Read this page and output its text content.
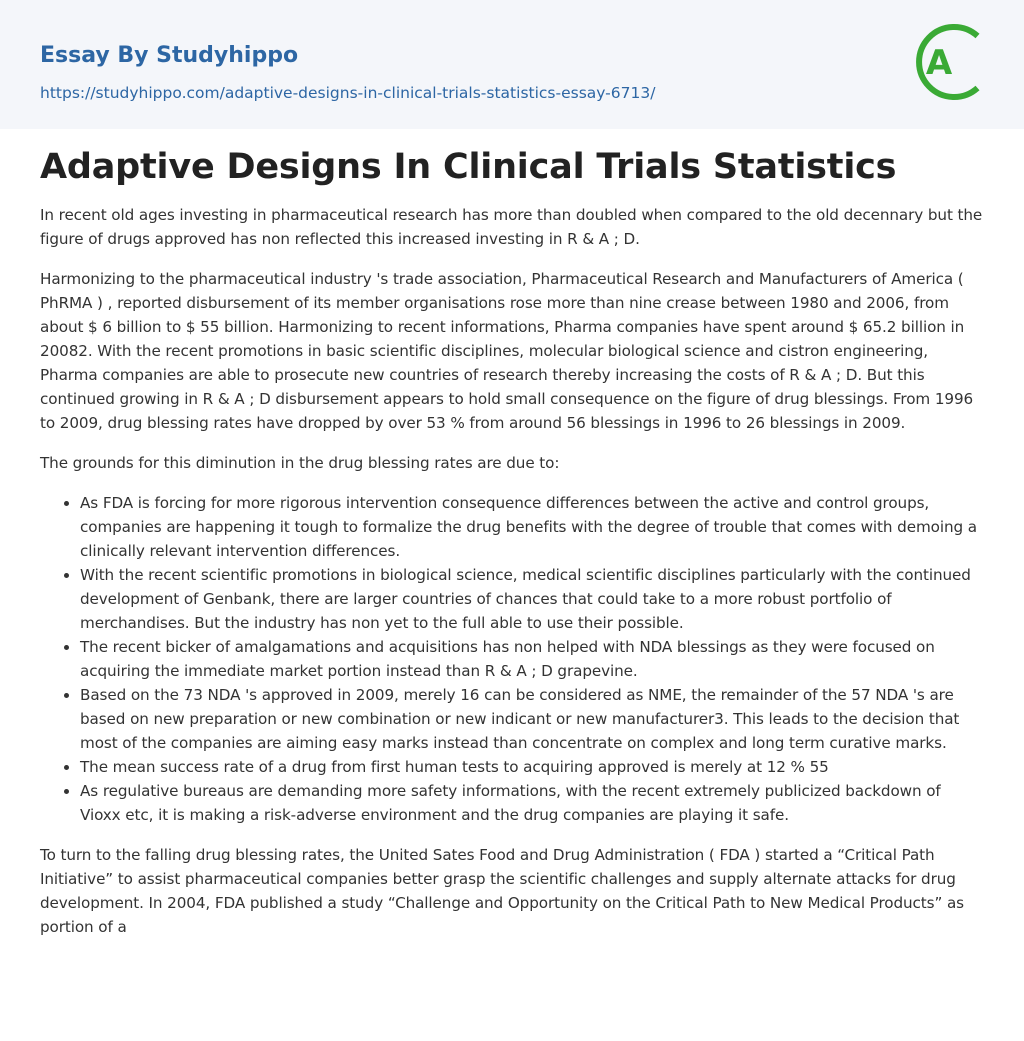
Essay By Studyhippo
https://studyhippo.com/adaptive-designs-in-clinical-trials-statistics-essay-6713/
A
Adaptive Designs In Clinical Trials Statistics

In recent old ages investing in pharmaceutical research has more than doubled when compared to the old decennary but the figure of drugs approved has non reflected this increased investing in R & A ; D.

Harmonizing to the pharmaceutical industry 's trade association, Pharmaceutical Research and Manufacturers of America ( PhRMA ) , reported disbursement of its member organisations rose more than nine crease between 1980 and 2006, from about $ 6 billion to $ 55 billion. Harmonizing to recent informations, Pharma companies have spent around $ 65.2 billion in 20082. With the recent promotions in basic scientific disciplines, molecular biological science and cistron engineering, Pharma companies are able to prosecute new countries of research thereby increasing the costs of R & A ; D. But this continued growing in R & A ; D disbursement appears to hold small consequence on the figure of drug blessings. From 1996 to 2009, drug blessing rates have dropped by over 53 % from around 56 blessings in 1996 to 26 blessings in 2009.

The grounds for this diminution in the drug blessing rates are due to:

• As FDA is forcing for more rigorous intervention consequence differences between the active and control groups, companies are happening it tough to formalize the drug benefits with the degree of trouble that comes with demoing a clinically relevant intervention differences.
• With the recent scientific promotions in biological science, medical scientific disciplines particularly with the continued development of Genbank, there are larger countries of chances that could take to a more robust portfolio of merchandises. But the industry has non yet to the full able to use their possible.
• The recent bicker of amalgamations and acquisitions has non helped with NDA blessings as they were focused on acquiring the immediate market portion instead than R & A ; D grapevine.
• Based on the 73 NDA 's approved in 2009, merely 16 can be considered as NME, the remainder of the 57 NDA 's are based on new preparation or new combination or new indicant or new manufacturer3. This leads to the decision that most of the companies are aiming easy marks instead than concentrate on complex and long term curative marks.
• The mean success rate of a drug from first human tests to acquiring approved is merely at 12 % 55
• As regulative bureaus are demanding more safety informations, with the recent extremely publicized backdown of Vioxx etc, it is making a risk-adverse environment and the drug companies are playing it safe.

To turn to the falling drug blessing rates, the United Sates Food and Drug Administration ( FDA ) started a “Critical Path Initiative” to assist pharmaceutical companies better grasp the scientific challenges and supply alternate attacks for drug development. In 2004, FDA published a study “Challenge and Opportunity on the Critical Path to New Medical Products” as portion of a
